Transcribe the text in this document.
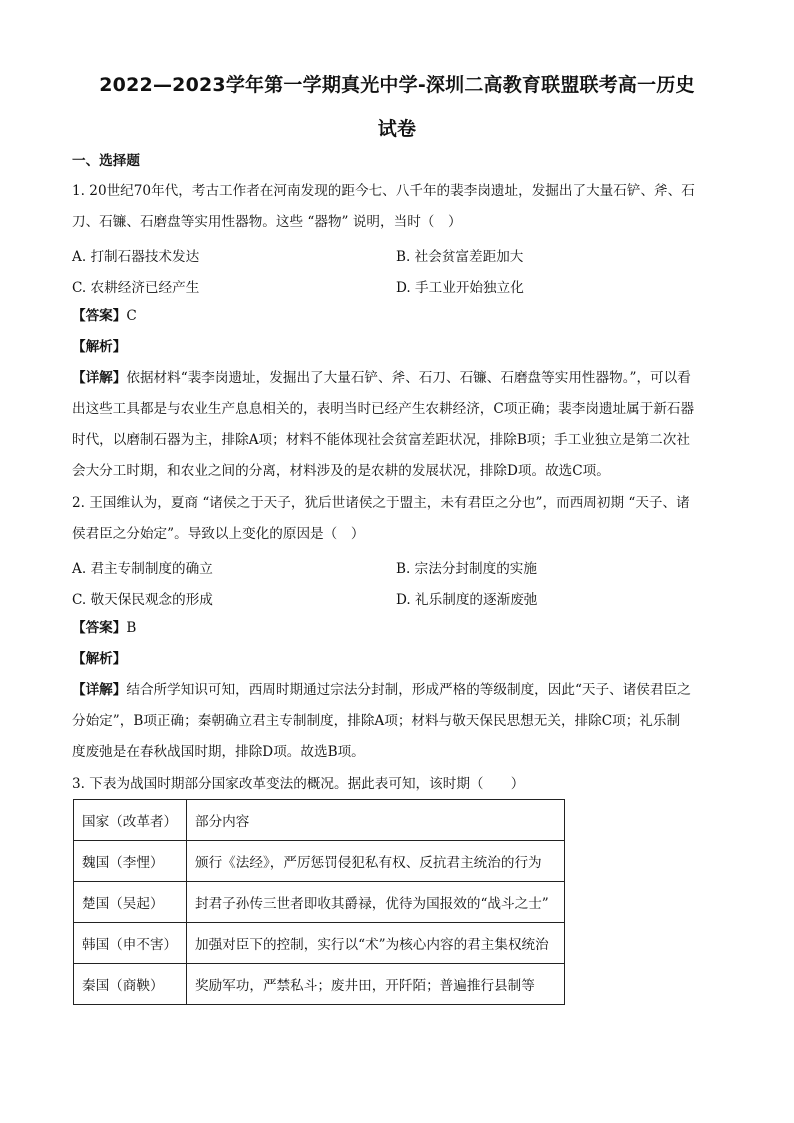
2022—2023学年第一学期真光中学-深圳二高教育联盟联考高一历史
试卷
一、选择题
1. 20世纪70年代，考古工作者在河南发现的距今七、八千年的裴李岗遗址，发掘出了大量石铲、斧、石
刀、石镰、石磨盘等实用性器物。这些 “器物” 说明，当时（　）
A. 打制石器技术发达	B. 社会贫富差距加大
C. 农耕经济已经产生	D. 手工业开始独立化
【答案】C
【解析】
【详解】依据材料“裴李岗遗址，发掘出了大量石铲、斧、石刀、石镰、石磨盘等实用性器物。”，可以看
出这些工具都是与农业生产息息相关的，表明当时已经产生农耕经济，C项正确；裴李岗遗址属于新石器
时代，以磨制石器为主，排除A项；材料不能体现社会贫富差距状况，排除B项；手工业独立是第二次社
会大分工时期，和农业之间的分离，材料涉及的是农耕的发展状况，排除D项。故选C项。
2. 王国维认为，夏商 “诸侯之于天子，犹后世诸侯之于盟主，未有君臣之分也”，而西周初期 “天子、诸
侯君臣之分始定”。导致以上变化的原因是（　）
A. 君主专制制度的确立	B. 宗法分封制度的实施
C. 敬天保民观念的形成	D. 礼乐制度的逐渐废弛
【答案】B
【解析】
【详解】结合所学知识可知，西周时期通过宗法分封制，形成严格的等级制度，因此“天子、诸侯君臣之
分始定”，B项正确；秦朝确立君主专制制度，排除A项；材料与敬天保民思想无关，排除C项；礼乐制
度废弛是在春秋战国时期，排除D项。故选B项。
3. 下表为战国时期部分国家改革变法的概况。据此表可知，该时期（　　）
国家（改革者）	部分内容
魏国（李悝）	颁行《法经》，严厉惩罚侵犯私有权、反抗君主统治的行为
楚国（吴起）	封君子孙传三世者即收其爵禄，优待为国报效的“战斗之士”
韩国（申不害）	加强对臣下的控制，实行以“术”为核心内容的君主集权统治
秦国（商鞅）	奖励军功，严禁私斗；废井田，开阡陌；普遍推行县制等
